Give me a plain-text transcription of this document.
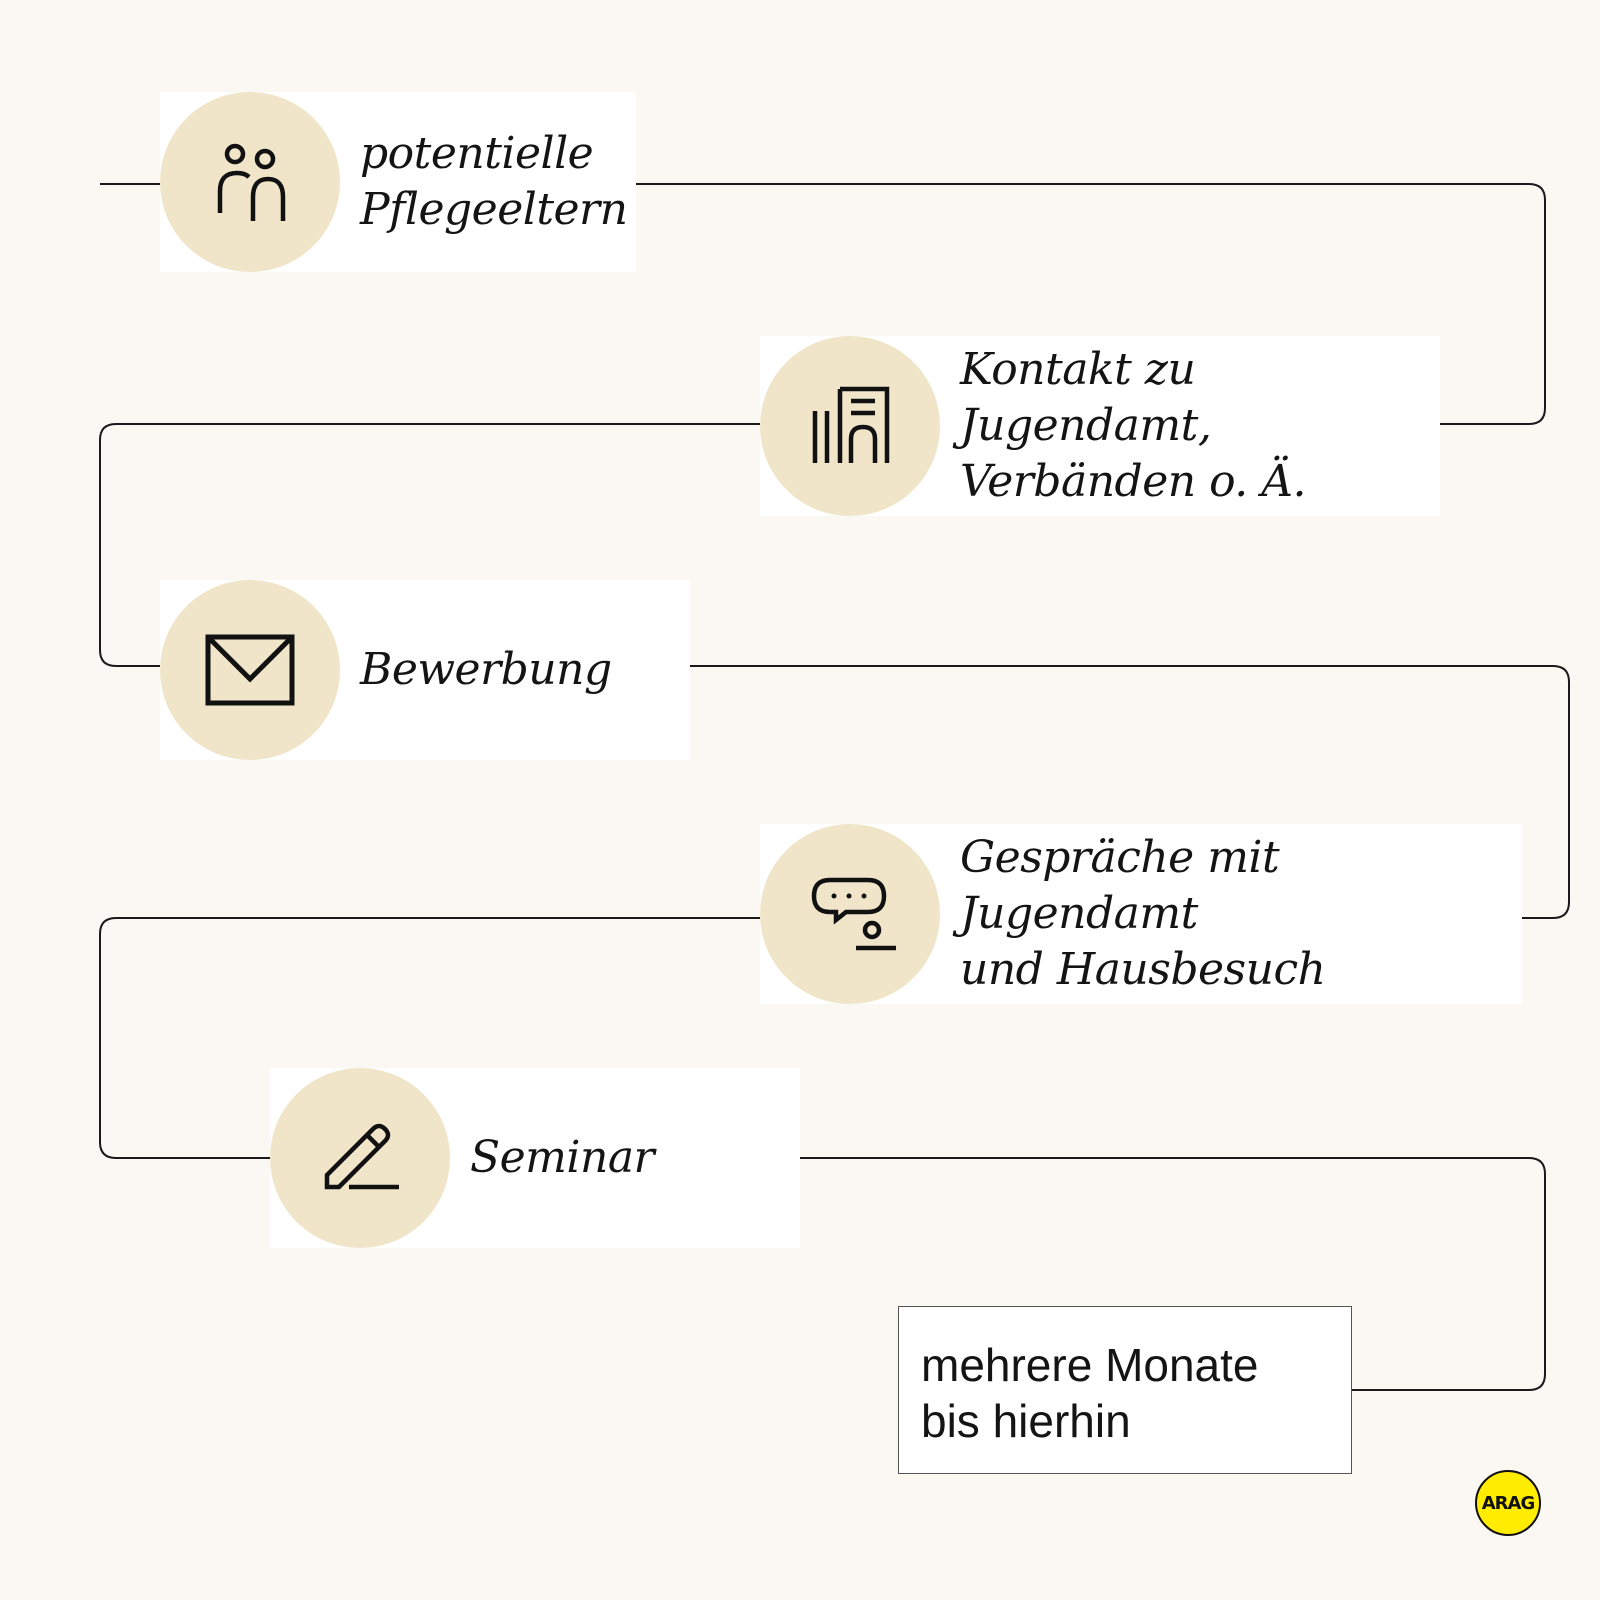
potentielle
Pflegeeltern
Kontakt zu Jugendamt,
Verbänden o. Ä.
Bewerbung
Gespräche mit Jugendamt
und Hausbesuch
Seminar
mehrere Monate
bis hierhin
ARAG
